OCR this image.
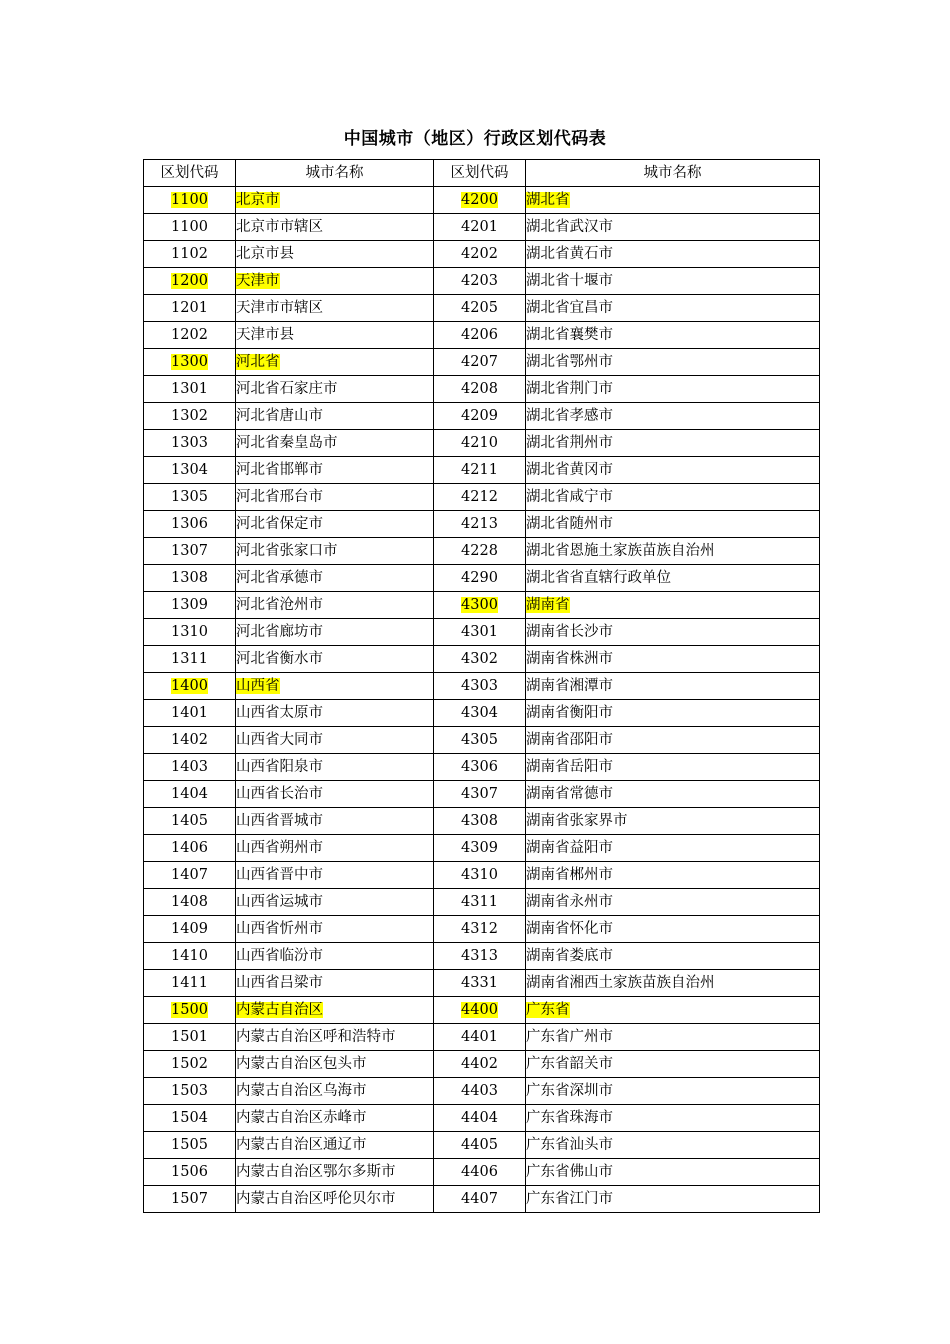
中国城市（地区）行政区划代码表
区划代码	城市名称	区划代码	城市名称
1100	北京市	4200	湖北省
1100	北京市市辖区	4201	湖北省武汉市
1102	北京市县	4202	湖北省黄石市
1200	天津市	4203	湖北省十堰市
1201	天津市市辖区	4205	湖北省宜昌市
1202	天津市县	4206	湖北省襄樊市
1300	河北省	4207	湖北省鄂州市
1301	河北省石家庄市	4208	湖北省荆门市
1302	河北省唐山市	4209	湖北省孝感市
1303	河北省秦皇岛市	4210	湖北省荆州市
1304	河北省邯郸市	4211	湖北省黄冈市
1305	河北省邢台市	4212	湖北省咸宁市
1306	河北省保定市	4213	湖北省随州市
1307	河北省张家口市	4228	湖北省恩施土家族苗族自治州
1308	河北省承德市	4290	湖北省省直辖行政单位
1309	河北省沧州市	4300	湖南省
1310	河北省廊坊市	4301	湖南省长沙市
1311	河北省衡水市	4302	湖南省株洲市
1400	山西省	4303	湖南省湘潭市
1401	山西省太原市	4304	湖南省衡阳市
1402	山西省大同市	4305	湖南省邵阳市
1403	山西省阳泉市	4306	湖南省岳阳市
1404	山西省长治市	4307	湖南省常德市
1405	山西省晋城市	4308	湖南省张家界市
1406	山西省朔州市	4309	湖南省益阳市
1407	山西省晋中市	4310	湖南省郴州市
1408	山西省运城市	4311	湖南省永州市
1409	山西省忻州市	4312	湖南省怀化市
1410	山西省临汾市	4313	湖南省娄底市
1411	山西省吕梁市	4331	湖南省湘西土家族苗族自治州
1500	内蒙古自治区	4400	广东省
1501	内蒙古自治区呼和浩特市	4401	广东省广州市
1502	内蒙古自治区包头市	4402	广东省韶关市
1503	内蒙古自治区乌海市	4403	广东省深圳市
1504	内蒙古自治区赤峰市	4404	广东省珠海市
1505	内蒙古自治区通辽市	4405	广东省汕头市
1506	内蒙古自治区鄂尔多斯市	4406	广东省佛山市
1507	内蒙古自治区呼伦贝尔市	4407	广东省江门市
